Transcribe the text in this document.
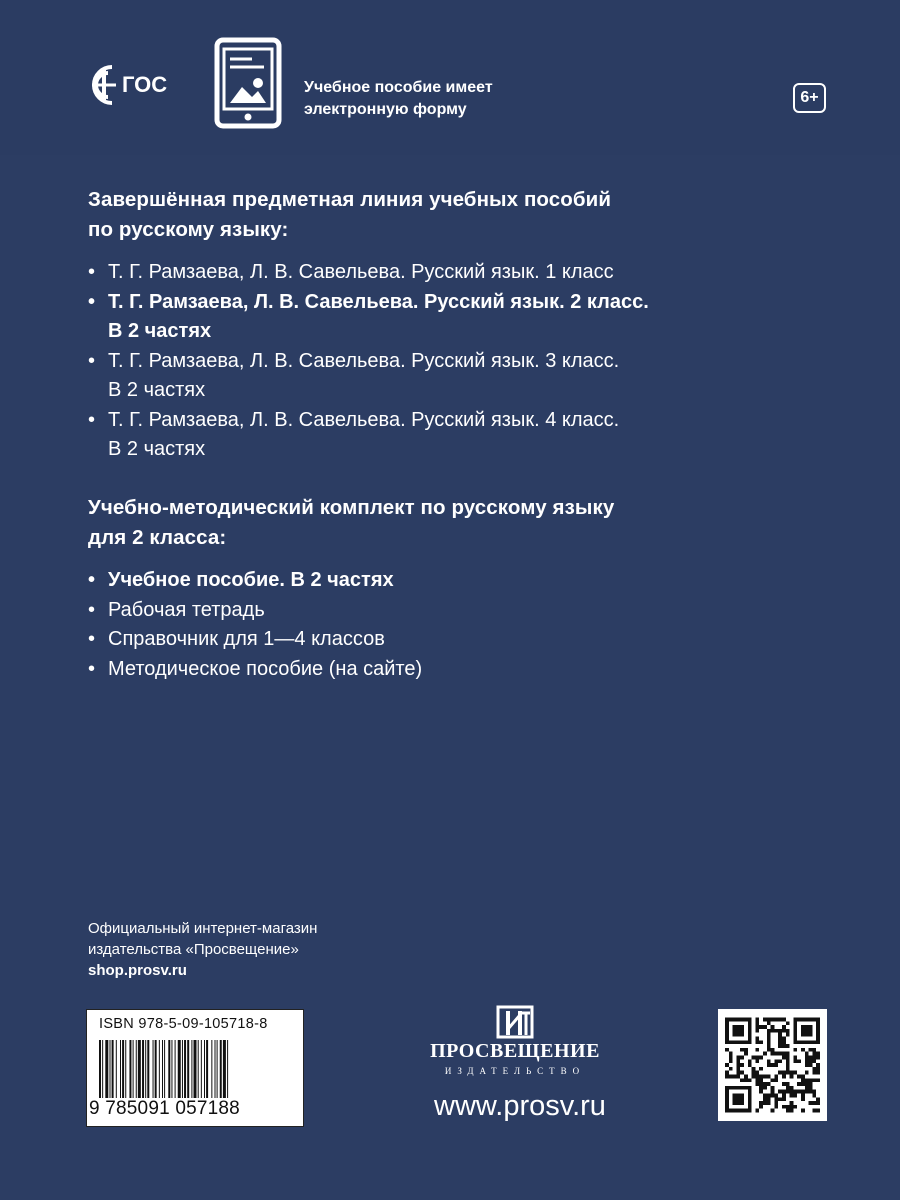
ГОС	Учебное пособие имеет
электронную форму
6+
Завершённая предметная линия учебных пособий
по русскому языку:
• Т. Г. Рамзаева, Л. В. Савельева. Русский язык. 1 класс
• Т. Г. Рамзаева, Л. В. Савельева. Русский язык. 2 класс.
В 2 частях
• Т. Г. Рамзаева, Л. В. Савельева. Русский язык. 3 класс.
В 2 частях
• Т. Г. Рамзаева, Л. В. Савельева. Русский язык. 4 класс.
В 2 частях
Учебно-методический комплект по русскому языку
для 2 класса:
• Учебное пособие. В 2 частях
• Рабочая тетрадь
• Справочник для 1—4 классов
• Методическое пособие (на сайте)
Официальный интернет-магазин
издательства «Просвещение»
shop.prosv.ru
ISBN 978-5-09-105718-8
9 785091 057188
ПРОСВЕЩЕНИЕ
ИЗДАТЕЛЬСТВО
www.prosv.ru
